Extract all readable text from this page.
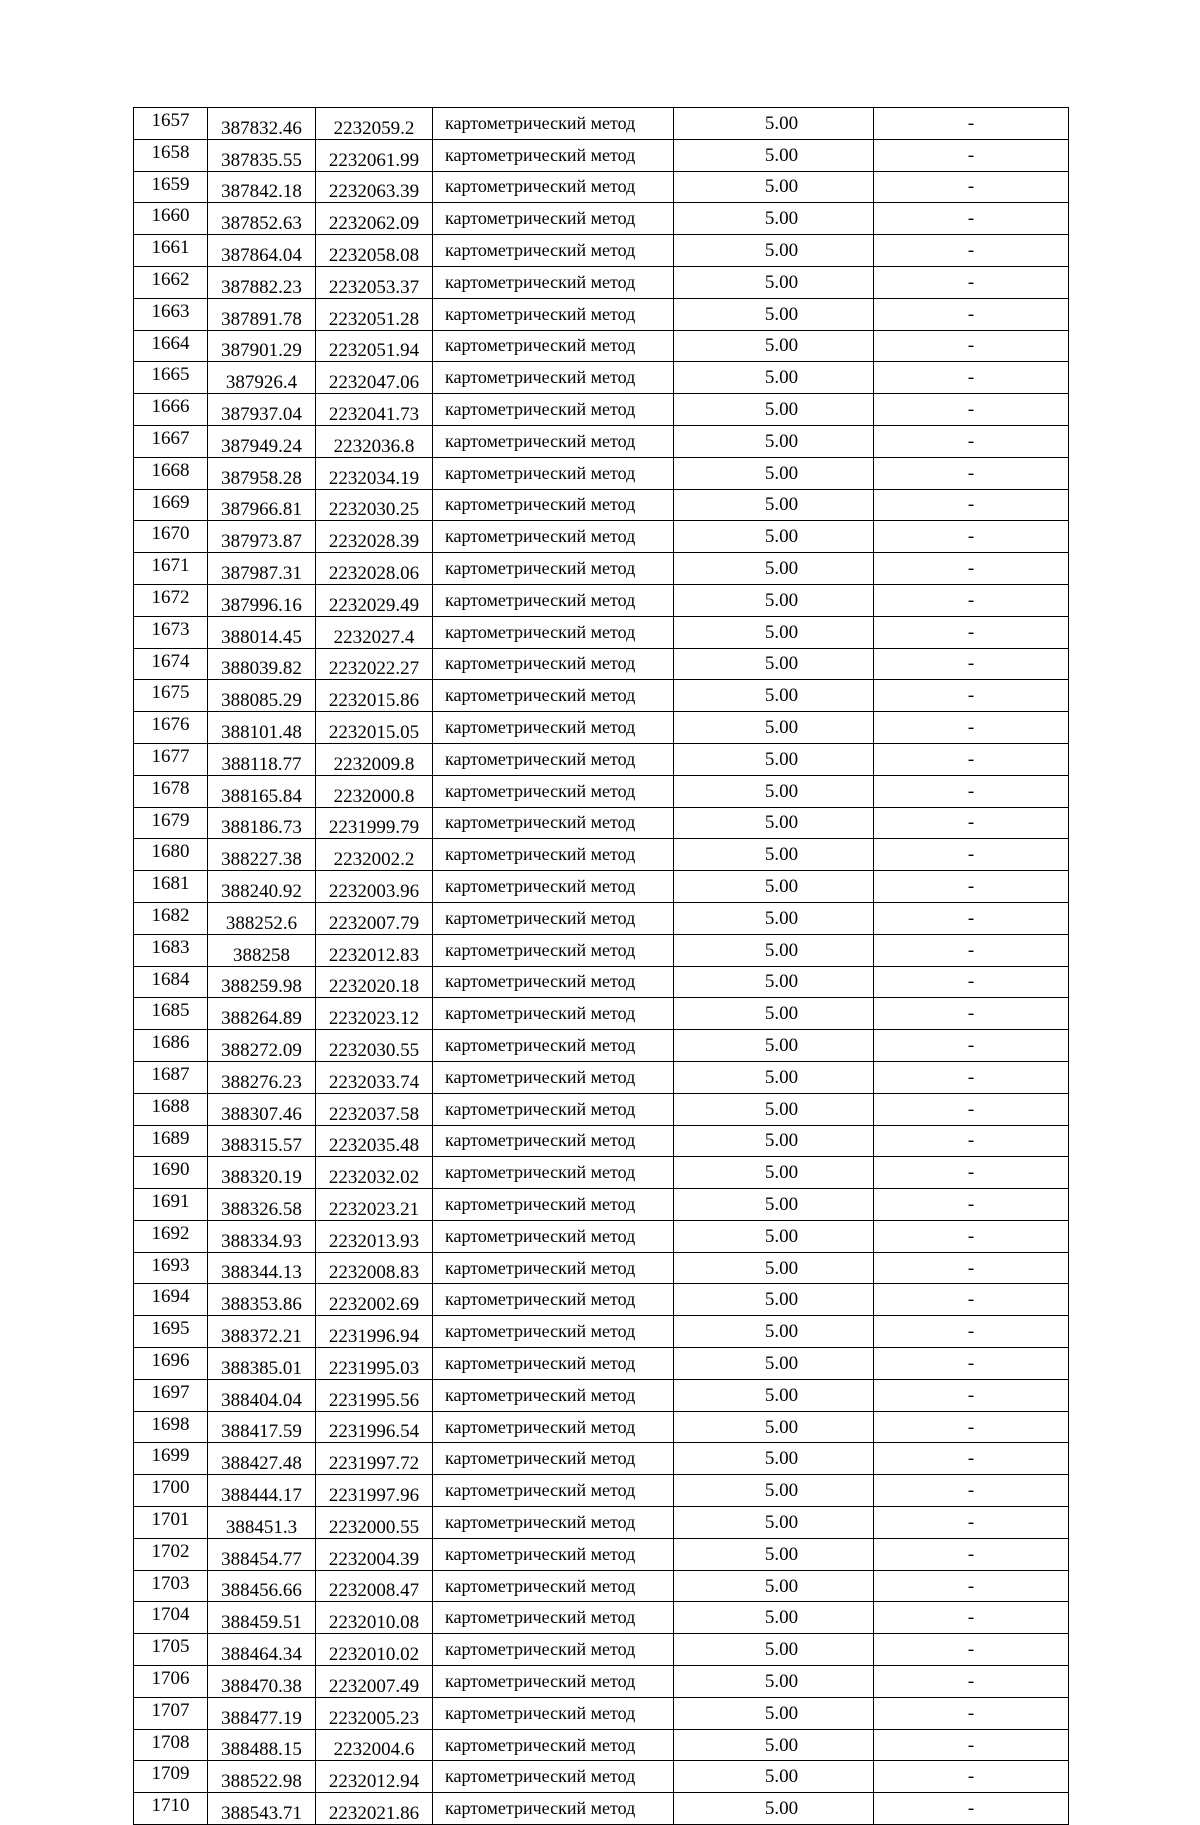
1657	387832.46	2232059.2	картометрический метод	5.00	-
1658	387835.55	2232061.99	картометрический метод	5.00	-
1659	387842.18	2232063.39	картометрический метод	5.00	-
1660	387852.63	2232062.09	картометрический метод	5.00	-
1661	387864.04	2232058.08	картометрический метод	5.00	-
1662	387882.23	2232053.37	картометрический метод	5.00	-
1663	387891.78	2232051.28	картометрический метод	5.00	-
1664	387901.29	2232051.94	картометрический метод	5.00	-
1665	387926.4	2232047.06	картометрический метод	5.00	-
1666	387937.04	2232041.73	картометрический метод	5.00	-
1667	387949.24	2232036.8	картометрический метод	5.00	-
1668	387958.28	2232034.19	картометрический метод	5.00	-
1669	387966.81	2232030.25	картометрический метод	5.00	-
1670	387973.87	2232028.39	картометрический метод	5.00	-
1671	387987.31	2232028.06	картометрический метод	5.00	-
1672	387996.16	2232029.49	картометрический метод	5.00	-
1673	388014.45	2232027.4	картометрический метод	5.00	-
1674	388039.82	2232022.27	картометрический метод	5.00	-
1675	388085.29	2232015.86	картометрический метод	5.00	-
1676	388101.48	2232015.05	картометрический метод	5.00	-
1677	388118.77	2232009.8	картометрический метод	5.00	-
1678	388165.84	2232000.8	картометрический метод	5.00	-
1679	388186.73	2231999.79	картометрический метод	5.00	-
1680	388227.38	2232002.2	картометрический метод	5.00	-
1681	388240.92	2232003.96	картометрический метод	5.00	-
1682	388252.6	2232007.79	картометрический метод	5.00	-
1683	388258	2232012.83	картометрический метод	5.00	-
1684	388259.98	2232020.18	картометрический метод	5.00	-
1685	388264.89	2232023.12	картометрический метод	5.00	-
1686	388272.09	2232030.55	картометрический метод	5.00	-
1687	388276.23	2232033.74	картометрический метод	5.00	-
1688	388307.46	2232037.58	картометрический метод	5.00	-
1689	388315.57	2232035.48	картометрический метод	5.00	-
1690	388320.19	2232032.02	картометрический метод	5.00	-
1691	388326.58	2232023.21	картометрический метод	5.00	-
1692	388334.93	2232013.93	картометрический метод	5.00	-
1693	388344.13	2232008.83	картометрический метод	5.00	-
1694	388353.86	2232002.69	картометрический метод	5.00	-
1695	388372.21	2231996.94	картометрический метод	5.00	-
1696	388385.01	2231995.03	картометрический метод	5.00	-
1697	388404.04	2231995.56	картометрический метод	5.00	-
1698	388417.59	2231996.54	картометрический метод	5.00	-
1699	388427.48	2231997.72	картометрический метод	5.00	-
1700	388444.17	2231997.96	картометрический метод	5.00	-
1701	388451.3	2232000.55	картометрический метод	5.00	-
1702	388454.77	2232004.39	картометрический метод	5.00	-
1703	388456.66	2232008.47	картометрический метод	5.00	-
1704	388459.51	2232010.08	картометрический метод	5.00	-
1705	388464.34	2232010.02	картометрический метод	5.00	-
1706	388470.38	2232007.49	картометрический метод	5.00	-
1707	388477.19	2232005.23	картометрический метод	5.00	-
1708	388488.15	2232004.6	картометрический метод	5.00	-
1709	388522.98	2232012.94	картометрический метод	5.00	-
1710	388543.71	2232021.86	картометрический метод	5.00	-
